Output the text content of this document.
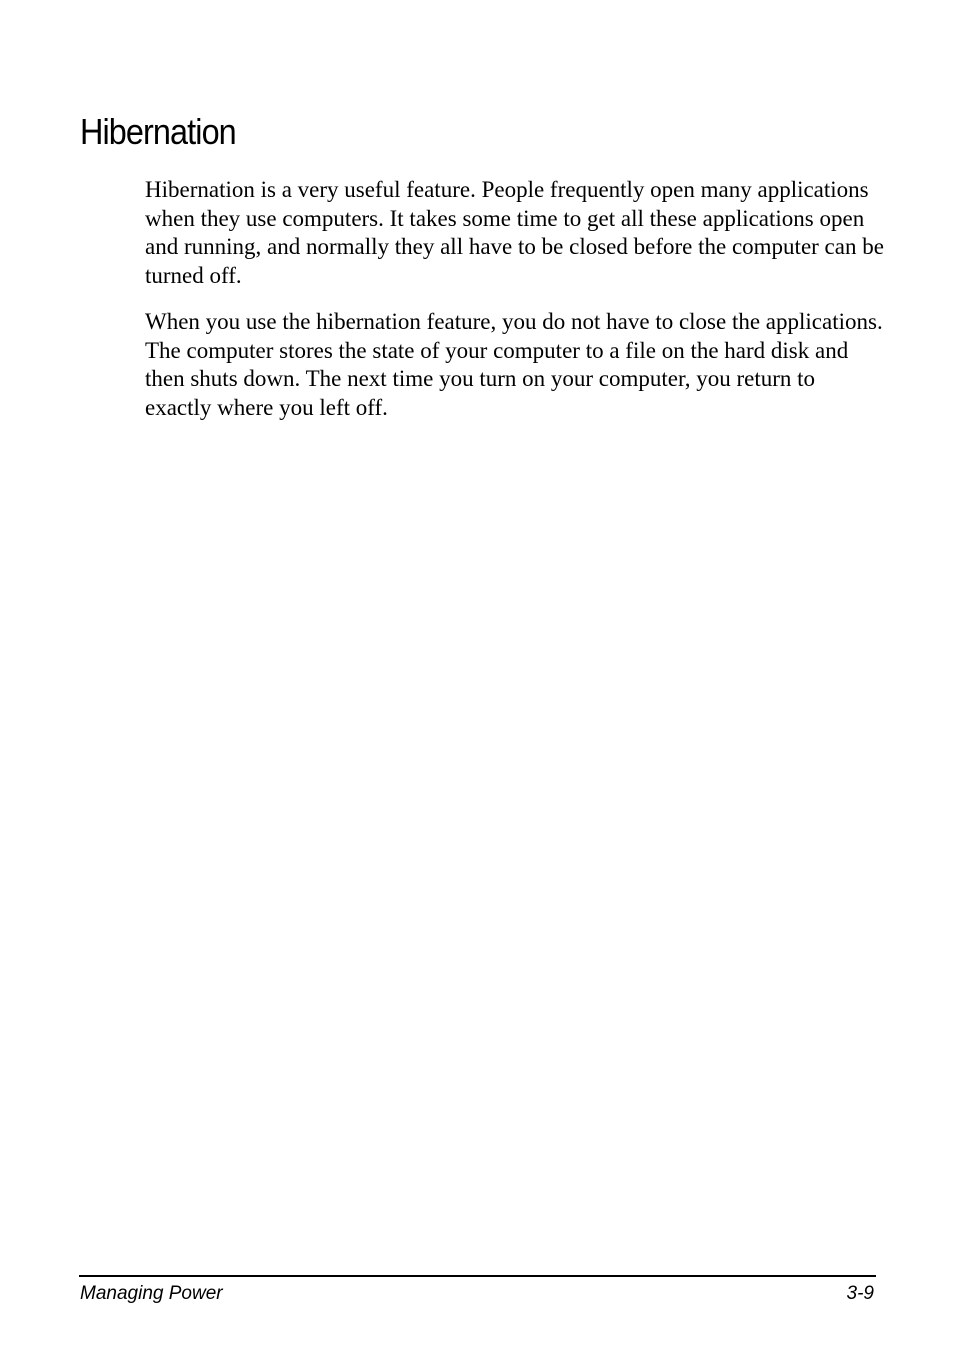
Hibernation

Hibernation is a very useful feature. People frequently open many applications when they use computers. It takes some time to get all these applications open and running, and normally they all have to be closed before the computer can be turned off.

When you use the hibernation feature, you do not have to close the applications. The computer stores the state of your computer to a file on the hard disk and then shuts down. The next time you turn on your computer, you return to exactly where you left off.

Managing Power	3-9
